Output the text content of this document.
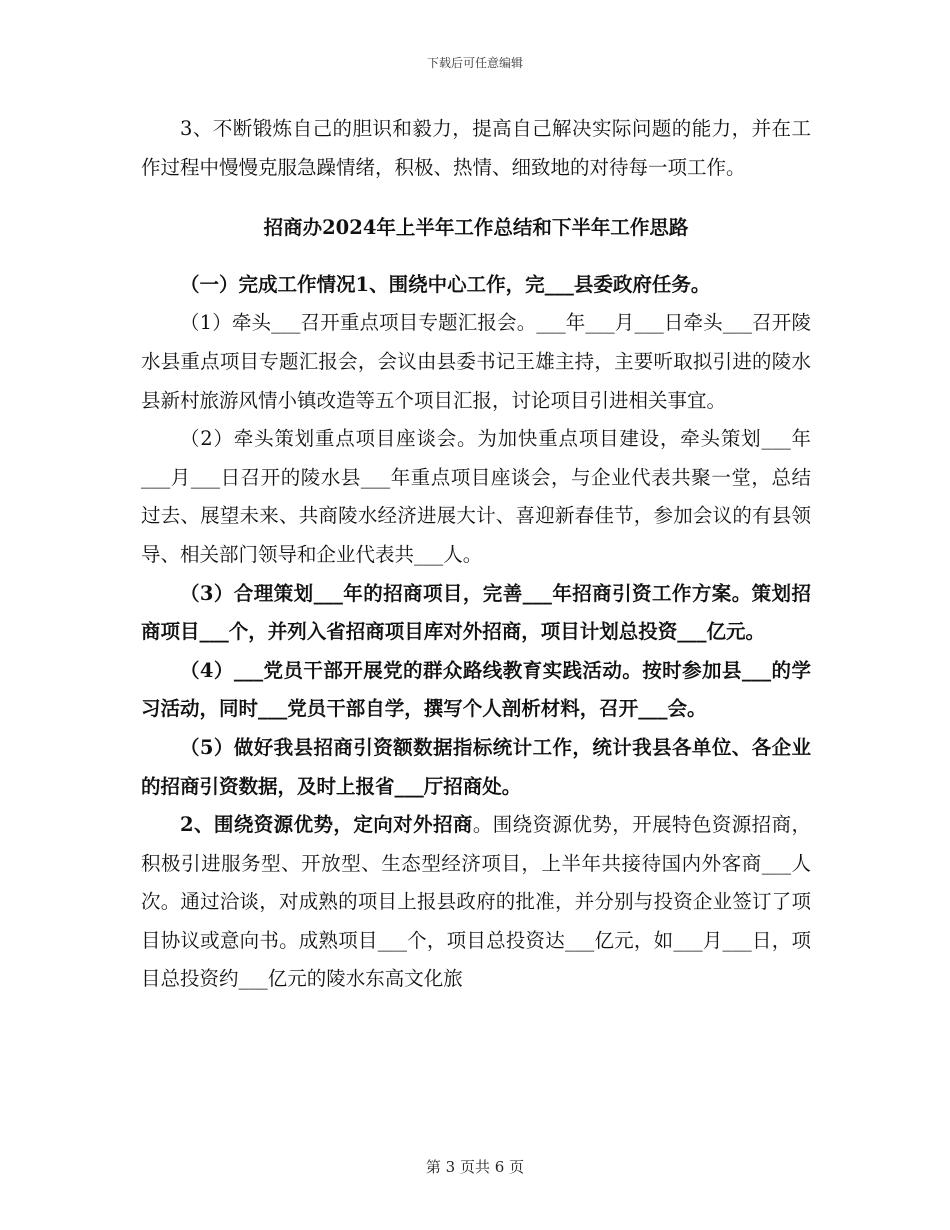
下载后可任意编辑

3、不断锻炼自己的胆识和毅力，提高自己解决实际问题的能力，并在工作过程中慢慢克服急躁情绪，积极、热情、细致地的对待每一项工作。

招商办2024年上半年工作总结和下半年工作思路

（一）完成工作情况1、围绕中心工作，完___县委政府任务。

（1）牵头___召开重点项目专题汇报会。___年___月___日牵头___召开陵水县重点项目专题汇报会，会议由县委书记王雄主持，主要听取拟引进的陵水县新村旅游风情小镇改造等五个项目汇报，讨论项目引进相关事宜。

（2）牵头策划重点项目座谈会。为加快重点项目建设，牵头策划___年___月___日召开的陵水县___年重点项目座谈会，与企业代表共聚一堂，总结过去、展望未来、共商陵水经济进展大计、喜迎新春佳节，参加会议的有县领导、相关部门领导和企业代表共___人。

（3）合理策划___年的招商项目，完善___年招商引资工作方案。策划招商项目___个，并列入省招商项目库对外招商，项目计划总投资___亿元。

（4）___党员干部开展党的群众路线教育实践活动。按时参加县___的学习活动，同时___党员干部自学，撰写个人剖析材料，召开___会。

（5）做好我县招商引资额数据指标统计工作，统计我县各单位、各企业的招商引资数据，及时上报省___厅招商处。

2、围绕资源优势，定向对外招商。围绕资源优势，开展特色资源招商，积极引进服务型、开放型、生态型经济项目，上半年共接待国内外客商___人次。通过洽谈，对成熟的项目上报县政府的批准，并分别与投资企业签订了项目协议或意向书。成熟项目___个，项目总投资达___亿元，如___月___日，项目总投资约___亿元的陵水东高文化旅

第 3 页共 6 页
